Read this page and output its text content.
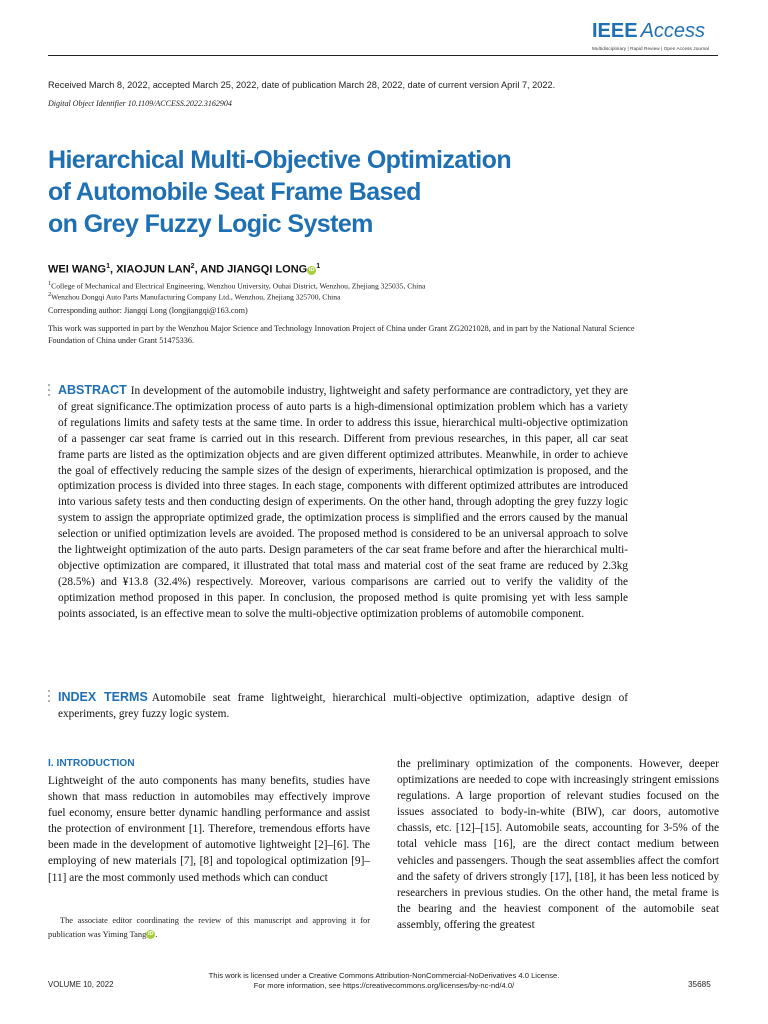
IEEE Access
Multidisciplinary | Rapid Review | Open Access Journal
Received March 8, 2022, accepted March 25, 2022, date of publication March 28, 2022, date of current version April 7, 2022.
Digital Object Identifier 10.1109/ACCESS.2022.3162904
Hierarchical Multi-Objective Optimization
of Automobile Seat Frame Based
on Grey Fuzzy Logic System
WEI WANG$^1$, XIAOJUN LAN$^2$, AND JIANGQI LONG iD $^1$
$^1$College of Mechanical and Electrical Engineering, Wenzhou University, Ouhai District, Wenzhou, Zhejiang 325035, China
$^2$Wenzhou Dongqi Auto Parts Manufacturing Company Ltd., Wenzhou, Zhejiang 325700, China
Corresponding author: Jiangqi Long (longjiangqi@163.com)
This work was supported in part by the Wenzhou Major Science and Technology Innovation Project of China under Grant ZG2021028, and in part by the National Natural Science Foundation of China under Grant 51475336.
ABSTRACT In development of the automobile industry, lightweight and safety performance are contradictory, yet they are of great significance.The optimization process of auto parts is a high-dimensional optimization problem which has a variety of regulations limits and safety tests at the same time. In order to address this issue, hierarchical multi-objective optimization of a passenger car seat frame is carried out in this research. Different from previous researches, in this paper, all car seat frame parts are listed as the optimization objects and are given different optimized attributes. Meanwhile, in order to achieve the goal of effectively reducing the sample sizes of the design of experiments, hierarchical optimization is proposed, and the optimization process is divided into three stages. In each stage, components with different optimized attributes are introduced into various safety tests and then conducting design of experiments. On the other hand, through adopting the grey fuzzy logic system to assign the appropriate optimized grade, the optimization process is simplified and the errors caused by the manual selection or unified optimization levels are avoided. The proposed method is considered to be an universal approach to solve the lightweight optimization of the auto parts. Design parameters of the car seat frame before and after the hierarchical multi-objective optimization are compared, it illustrated that total mass and material cost of the seat frame are reduced by 2.3kg (28.5%) and ¥13.8 (32.4%) respectively. Moreover, various comparisons are carried out to verify the validity of the optimization method proposed in this paper. In conclusion, the proposed method is quite promising yet with less sample points associated, is an effective mean to solve the multi-objective optimization problems of automobile component.
INDEX TERMS Automobile seat frame lightweight, hierarchical multi-objective optimization, adaptive design of experiments, grey fuzzy logic system.
I. INTRODUCTION
Lightweight of the auto components has many benefits, studies have shown that mass reduction in automobiles may effectively improve fuel economy, ensure better dynamic handling performance and assist the protection of environment [1]. Therefore, tremendous efforts have been made in the development of automotive lightweight [2]–[6]. The employing of new materials [7], [8] and topological optimization [9]–[11] are the most commonly used methods which can conduct
the preliminary optimization of the components. However, deeper optimizations are needed to cope with increasingly stringent emissions regulations. A large proportion of relevant studies focused on the issues associated to body-in-white (BIW), car doors, automotive chassis, etc. [12]–[15]. Automobile seats, accounting for 3-5% of the total vehicle mass [16], are the direct contact medium between vehicles and passengers. Though the seat assemblies affect the comfort and the safety of drivers strongly [17], [18], it has been less noticed by researchers in previous studies. On the other hand, the metal frame is the bearing and the heaviest component of the automobile seat assembly, offering the greatest
The associate editor coordinating the review of this manuscript and approving it for publication was Yiming Tang iD .
This work is licensed under a Creative Commons Attribution-NonCommercial-NoDerivatives 4.0 License.
For more information, see https://creativecommons.org/licenses/by-nc-nd/4.0/
VOLUME 10, 2022	35685
